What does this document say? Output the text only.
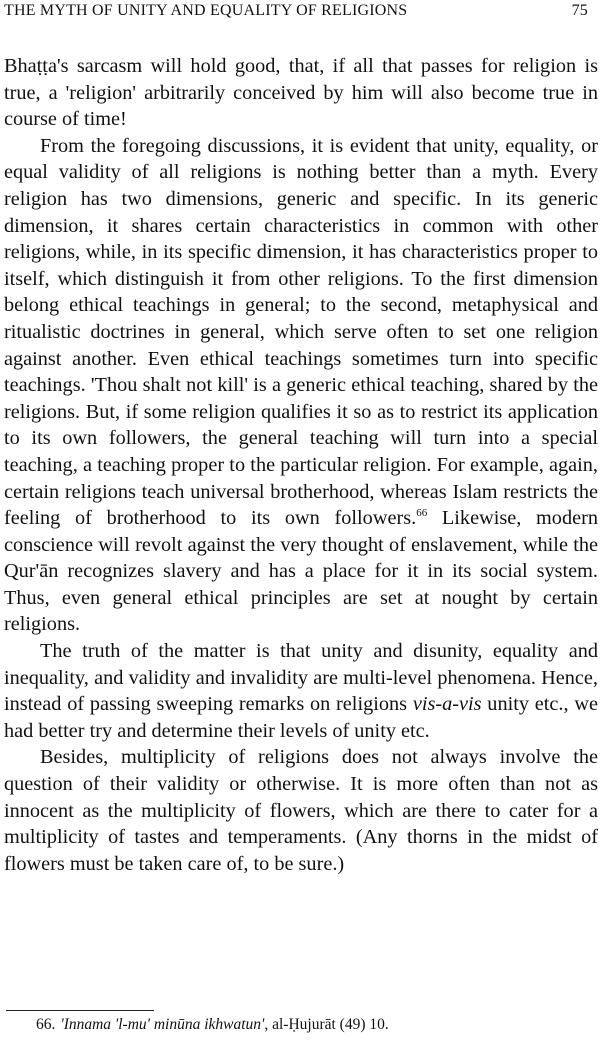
THE MYTH OF UNITY AND EQUALITY OF RELIGIONS	75

Bhaṭṭa's sarcasm will hold good, that, if all that passes for religion is true, a 'religion' arbitrarily conceived by him will also become true in course of time!

From the foregoing discussions, it is evident that unity, equality, or equal validity of all religions is nothing better than a myth. Every religion has two dimensions, generic and specific. In its generic dimension, it shares certain characteristics in common with other religions, while, in its specific dimension, it has characteristics proper to itself, which distinguish it from other religions. To the first dimension belong ethical teachings in general; to the second, metaphysical and ritualistic doctrines in general, which serve often to set one religion against another. Even ethical teachings sometimes turn into specific teachings. 'Thou shalt not kill' is a generic ethical teaching, shared by the religions. But, if some religion qualifies it so as to restrict its application to its own followers, the general teaching will turn into a special teaching, a teaching proper to the particular religion. For example, again, certain religions teach universal brotherhood, whereas Islam restricts the feeling of brotherhood to its own followers.$^{66}$ Likewise, modern conscience will revolt against the very thought of enslavement, while the Qur'ān recognizes slavery and has a place for it in its social system. Thus, even general ethical principles are set at nought by certain religions.

The truth of the matter is that unity and disunity, equality and inequality, and validity and invalidity are multi-level phenomena. Hence, instead of passing sweeping remarks on religions vis-a-vis unity etc., we had better try and determine their levels of unity etc.

Besides, multiplicity of religions does not always involve the question of their validity or otherwise. It is more often than not as innocent as the multiplicity of flowers, which are there to cater for a multiplicity of tastes and temperaments. (Any thorns in the midst of flowers must be taken care of, to be sure.)

66. 'Innama 'l-mu' minūna ikhwatun', al-Ḥujurāt (49) 10.
